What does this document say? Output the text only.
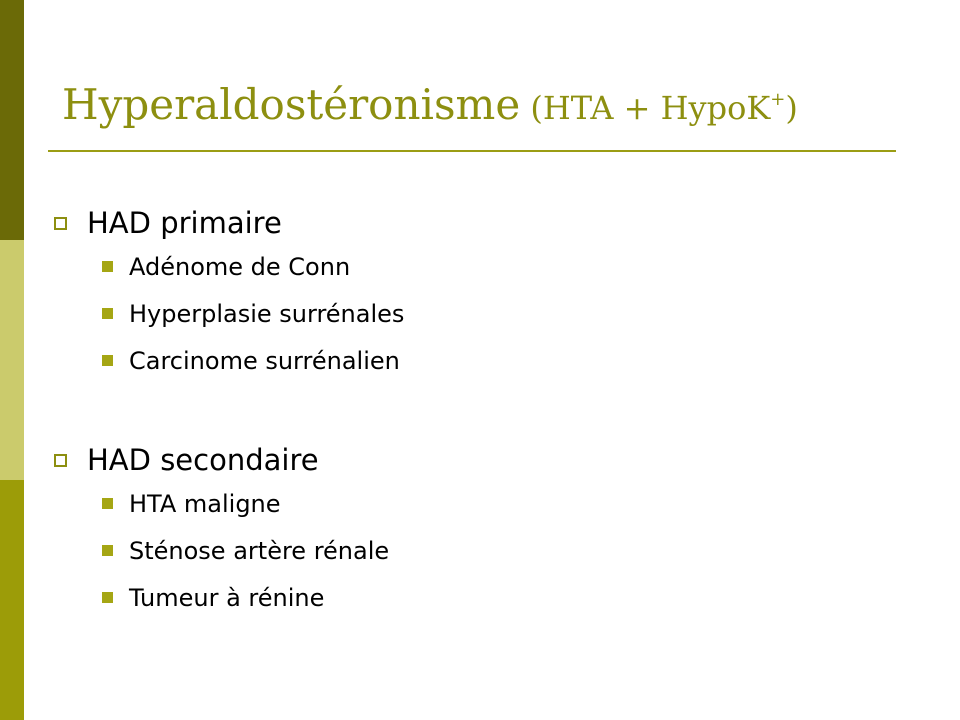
Hyperaldostéronisme (HTA + HypoK+)
HAD primaire
Adénome de Conn
Hyperplasie surrénales
Carcinome surrénalien
HAD secondaire
HTA maligne
Sténose artère rénale
Tumeur à rénine
